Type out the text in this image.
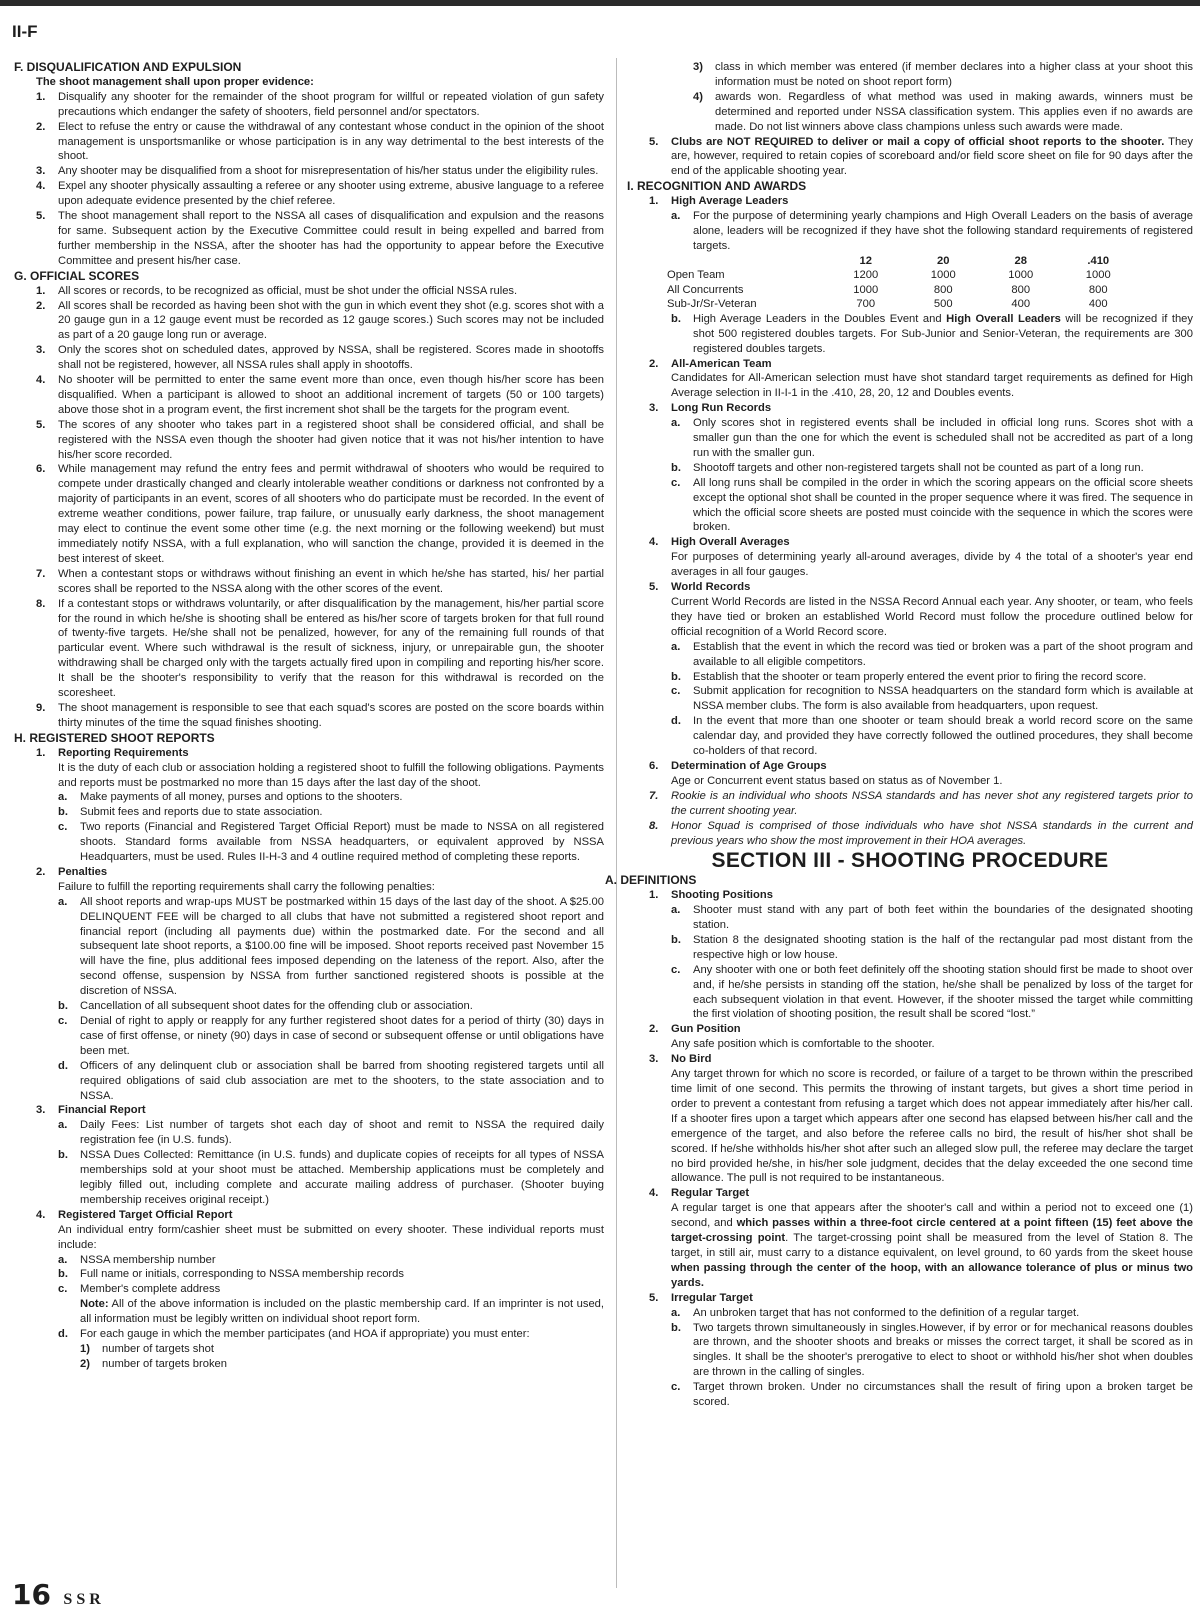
II-F
F. DISQUALIFICATION AND EXPULSION
The shoot management shall upon proper evidence:
1.	Disqualify any shooter for the remainder of the shoot program for willful or repeated violation of gun safety precautions which endanger the safety of shooters, field personnel and/or spectators.
2.	Elect to refuse the entry or cause the withdrawal of any contestant whose conduct in the opinion of the shoot management is unsportsmanlike or whose participation is in any way detrimental to the best interests of the shoot.
3.	Any shooter may be disqualified from a shoot for misrepresentation of his/her status under the eligibility rules.
4.	Expel any shooter physically assaulting a referee or any shooter using extreme, abusive language to a referee upon adequate evidence presented by the chief referee.
5.	The shoot management shall report to the NSSA all cases of disqualification and expulsion and the reasons for same. Subsequent action by the Executive Committee could result in being expelled and barred from further membership in the NSSA, after the shooter has had the opportunity to appear before the Executive Committee and present his/her case.
G. OFFICIAL SCORES
1.	All scores or records, to be recognized as official, must be shot under the official NSSA rules.
2.	All scores shall be recorded as having been shot with the gun in which event they shot (e.g. scores shot with a 20 gauge gun in a 12 gauge event must be recorded as 12 gauge scores.) Such scores may not be included as part of a 20 gauge long run or average.
3.	Only the scores shot on scheduled dates, approved by NSSA, shall be registered. Scores made in shootoffs shall not be registered, however, all NSSA rules shall apply in shootoffs.
4.	No shooter will be permitted to enter the same event more than once, even though his/her score has been disqualified. When a participant is allowed to shoot an additional increment of targets (50 or 100 targets) above those shot in a program event, the first increment shot shall be the targets for the program event.
5.	The scores of any shooter who takes part in a registered shoot shall be considered official, and shall be registered with the NSSA even though the shooter had given notice that it was not his/her intention to have his/her score recorded.
6.	While management may refund the entry fees and permit withdrawal of shooters who would be required to compete under drastically changed and clearly intolerable weather conditions or darkness not confronted by a majority of participants in an event, scores of all shooters who do participate must be recorded. In the event of extreme weather conditions, power failure, trap failure, or unusually early darkness, the shoot management may elect to continue the event some other time (e.g. the next morning or the following weekend) but must immediately notify NSSA, with a full explanation, who will sanction the change, provided it is deemed in the best interest of skeet.
7.	When a contestant stops or withdraws without finishing an event in which he/she has started, his/ her partial scores shall be reported to the NSSA along with the other scores of the event.
8.	If a contestant stops or withdraws voluntarily, or after disqualification by the management, his/her partial score for the round in which he/she is shooting shall be entered as his/her score of targets broken for that full round of twenty-five targets. He/she shall not be penalized, however, for any of the remaining full rounds of that particular event. Where such withdrawal is the result of sickness, injury, or unrepairable gun, the shooter withdrawing shall be charged only with the targets actually fired upon in compiling and reporting his/her score. It shall be the shooter's responsibility to verify that the reason for this withdrawal is recorded on the scoresheet.
9.	The shoot management is responsible to see that each squad's scores are posted on the score boards within thirty minutes of the time the squad finishes shooting.
H. REGISTERED SHOOT REPORTS
1.	Reporting Requirements
It is the duty of each club or association holding a registered shoot to fulfill the following obligations. Payments and reports must be postmarked no more than 15 days after the last day of the shoot.
a.	Make payments of all money, purses and options to the shooters.
b.	Submit fees and reports due to state association.
c.	Two reports (Financial and Registered Target Official Report) must be made to NSSA on all registered shoots. Standard forms available from NSSA headquarters, or equivalent approved by NSSA Headquarters, must be used. Rules II-H-3 and 4 outline required method of completing these reports.
2.	Penalties
Failure to fulfill the reporting requirements shall carry the following penalties:
a.	All shoot reports and wrap-ups MUST be postmarked within 15 days of the last day of the shoot. A $25.00 DELINQUENT FEE will be charged to all clubs that have not submitted a registered shoot report and financial report (including all payments due) within the postmarked date. For the second and all subsequent late shoot reports, a $100.00 fine will be imposed. Shoot reports received past November 15 will have the fine, plus additional fees imposed depending on the lateness of the report. Also, after the second offense, suspension by NSSA from further sanctioned registered shoots is possible at the discretion of NSSA.
b.	Cancellation of all subsequent shoot dates for the offending club or association.
c.	Denial of right to apply or reapply for any further registered shoot dates for a period of thirty (30) days in case of first offense, or ninety (90) days in case of second or subsequent offense or until obligations have been met.
d.	Officers of any delinquent club or association shall be barred from shooting registered targets until all required obligations of said club association are met to the shooters, to the state association and to NSSA.
3.	Financial Report
a.	Daily Fees: List number of targets shot each day of shoot and remit to NSSA the required daily registration fee (in U.S. funds).
b.	NSSA Dues Collected: Remittance (in U.S. funds) and duplicate copies of receipts for all types of NSSA memberships sold at your shoot must be attached. Membership applications must be completely and legibly filled out, including complete and accurate mailing address of purchaser. (Shooter buying membership receives original receipt.)
4.	Registered Target Official Report
An individual entry form/cashier sheet must be submitted on every shooter. These individual reports must include:
a.	NSSA membership number
b.	Full name or initials, corresponding to NSSA membership records
c.	Member's complete address
Note: All of the above information is included on the plastic membership card. If an imprinter is not used, all information must be legibly written on individual shoot report form.
d.	For each gauge in which the member participates (and HOA if appropriate) you must enter:
1)	number of targets shot
2)	number of targets broken
3)	class in which member was entered (if member declares into a higher class at your shoot this information must be noted on shoot report form)
4)	awards won. Regardless of what method was used in making awards, winners must be determined and reported under NSSA classification system. This applies even if no awards are made. Do not list winners above class champions unless such awards were made.
5.	Clubs are NOT REQUIRED to deliver or mail a copy of official shoot reports to the shooter. They are, however, required to retain copies of scoreboard and/or field score sheet on file for 90 days after the end of the applicable shooting year.
I. RECOGNITION AND AWARDS
1.	High Average Leaders
a.	For the purpose of determining yearly champions and High Overall Leaders on the basis of average alone, leaders will be recognized if they have shot the following standard requirements of registered targets.
	12	20	28	.410
Open Team	1200	1000	1000	1000
All Concurrents	1000	800	800	800
Sub-Jr/Sr-Veteran	700	500	400	400
b.	High Average Leaders in the Doubles Event and High Overall Leaders will be recognized if they shot 500 registered doubles targets. For Sub-Junior and Senior-Veteran, the requirements are 300 registered doubles targets.
2.	All-American Team
Candidates for All-American selection must have shot standard target requirements as defined for High Average selection in II-I-1 in the .410, 28, 20, 12 and Doubles events.
3.	Long Run Records
a.	Only scores shot in registered events shall be included in official long runs. Scores shot with a smaller gun than the one for which the event is scheduled shall not be accredited as part of a long run with the smaller gun.
b.	Shootoff targets and other non-registered targets shall not be counted as part of a long run.
c.	All long runs shall be compiled in the order in which the scoring appears on the official score sheets except the optional shot shall be counted in the proper sequence where it was fired. The sequence in which the official score sheets are posted must coincide with the sequence in which the scores were broken.
4.	High Overall Averages
For purposes of determining yearly all-around averages, divide by 4 the total of a shooter's year end averages in all four gauges.
5.	World Records
Current World Records are listed in the NSSA Record Annual each year. Any shooter, or team, who feels they have tied or broken an established World Record must follow the procedure outlined below for official recognition of a World Record score.
a.	Establish that the event in which the record was tied or broken was a part of the shoot program and available to all eligible competitors.
b.	Establish that the shooter or team properly entered the event prior to firing the record score.
c.	Submit application for recognition to NSSA headquarters on the standard form which is available at NSSA member clubs. The form is also available from headquarters, upon request.
d.	In the event that more than one shooter or team should break a world record score on the same calendar day, and provided they have correctly followed the outlined procedures, they shall become co-holders of that record.
6.	Determination of Age Groups
Age or Concurrent event status based on status as of November 1.
7.	Rookie is an individual who shoots NSSA standards and has never shot any registered targets prior to the current shooting year.
8.	Honor Squad is comprised of those individuals who have shot NSSA standards in the current and previous years who show the most improvement in their HOA averages.
SECTION III - SHOOTING PROCEDURE
A. DEFINITIONS
1.	Shooting Positions
a.	Shooter must stand with any part of both feet within the boundaries of the designated shooting station.
b.	Station 8 the designated shooting station is the half of the rectangular pad most distant from the respective high or low house.
c.	Any shooter with one or both feet definitely off the shooting station should first be made to shoot over and, if he/she persists in standing off the station, he/she shall be penalized by loss of the target for each subsequent violation in that event. However, if the shooter missed the target while committing the first violation of shooting position, the result shall be scored “lost.”
2.	Gun Position
Any safe position which is comfortable to the shooter.
3.	No Bird
Any target thrown for which no score is recorded, or failure of a target to be thrown within the prescribed time limit of one second. This permits the throwing of instant targets, but gives a short time period in order to prevent a contestant from refusing a target which does not appear immediately after his/her call. If a shooter fires upon a target which appears after one second has elapsed between his/her call and the emergence of the target, and also before the referee calls no bird, the result of his/her shot shall be scored. If he/she withholds his/her shot after such an alleged slow pull, the referee may declare the target no bird provided he/she, in his/her sole judgment, decides that the delay exceeded the one second time allowance. The pull is not required to be instantaneous.
4.	Regular Target
A regular target is one that appears after the shooter's call and within a period not to exceed one (1) second, and which passes within a three-foot circle centered at a point fifteen (15) feet above the target-crossing point. The target-crossing point shall be measured from the level of Station 8. The target, in still air, must carry to a distance equivalent, on level ground, to 60 yards from the skeet house when passing through the center of the hoop, with an allowance tolerance of plus or minus two yards.
5.	Irregular Target
a.	An unbroken target that has not conformed to the definition of a regular target.
b.	Two targets thrown simultaneously in singles.However, if by error or for mechanical reasons doubles are thrown, and the shooter shoots and breaks or misses the correct target, it shall be scored as in singles. It shall be the shooter's prerogative to elect to shoot or withhold his/her shot when doubles are thrown in the calling of singles.
c.	Target thrown broken. Under no circumstances shall the result of firing upon a broken target be scored.
16 SSR
